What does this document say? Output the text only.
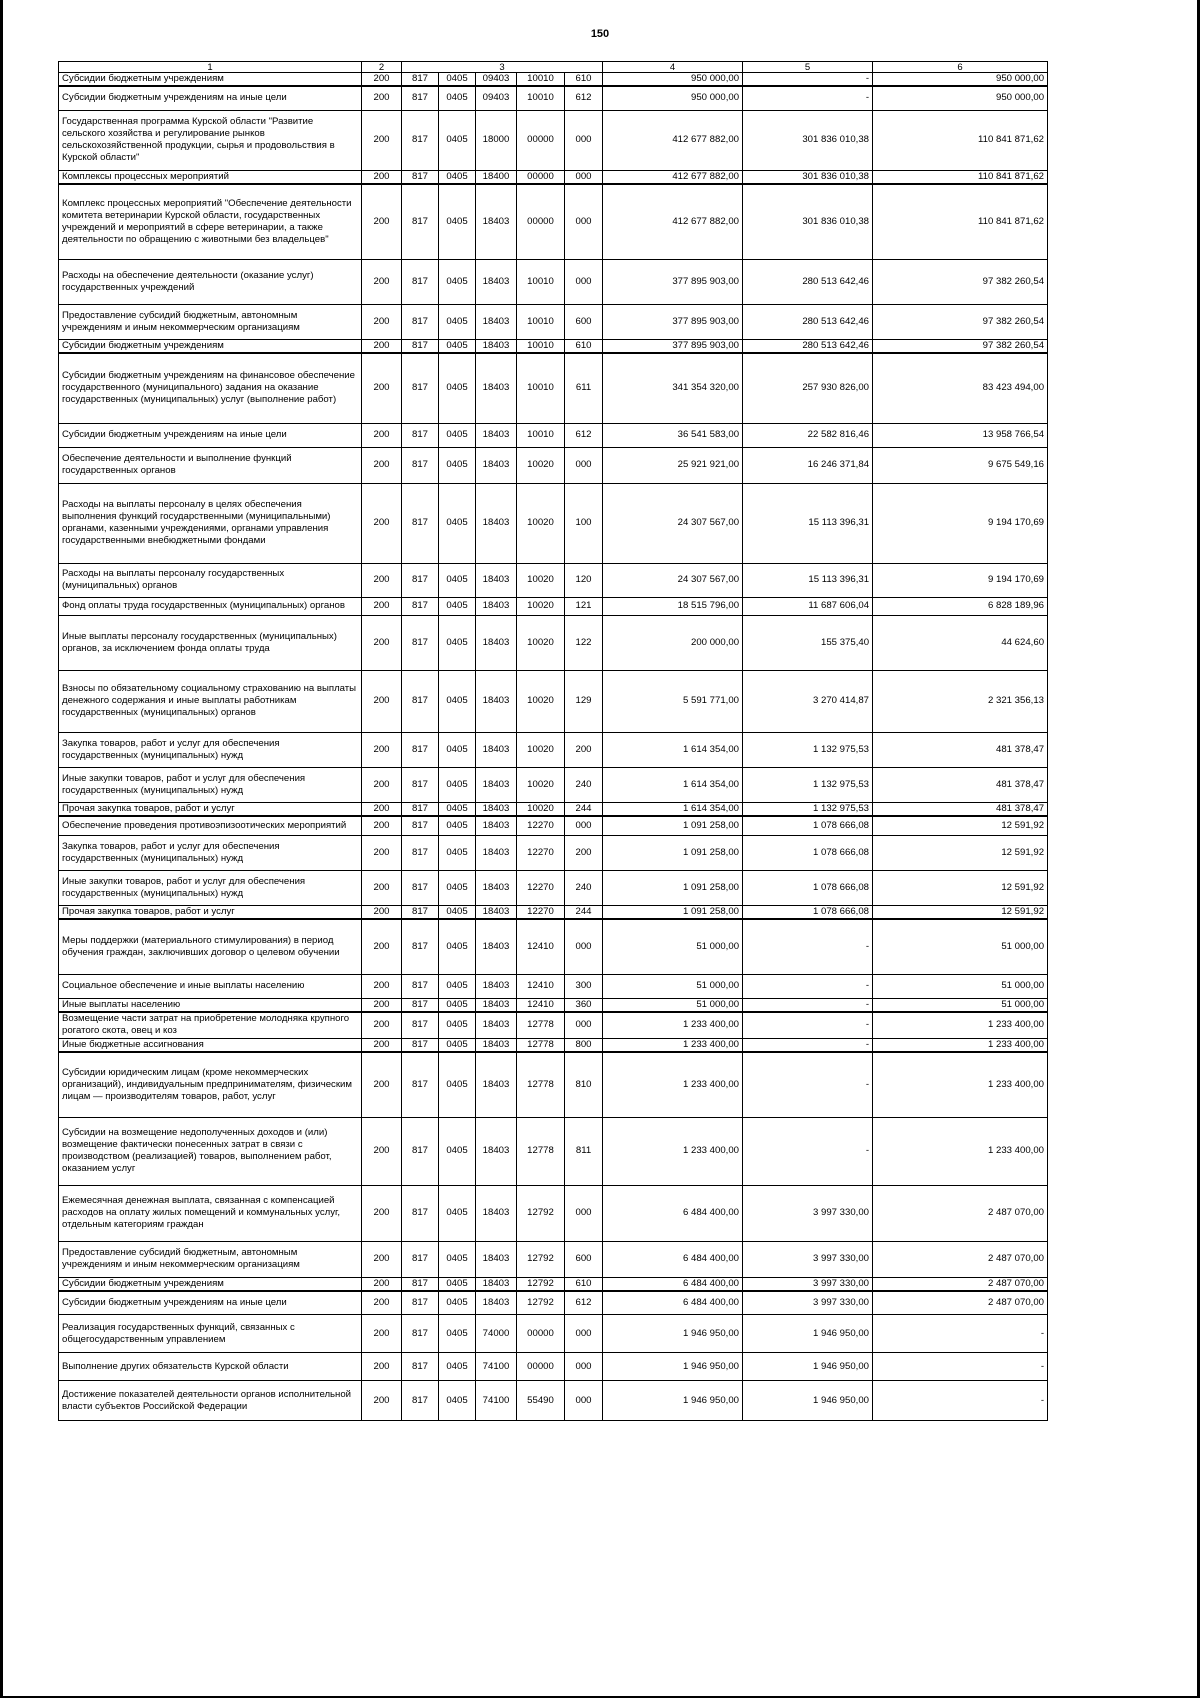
150
1	2	3					4	5	6
Субсидии бюджетным учреждениям	200	817	0405	09403	10010	610	950 000,00	-	950 000,00
Субсидии бюджетным учреждениям на иные цели	200	817	0405	09403	10010	612	950 000,00	-	950 000,00
Государственная программа Курской области "Развитие сельского хозяйства и регулирование рынков сельскохозяйственной продукции, сырья и продовольствия в Курской области"	200	817	0405	18000	00000	000	412 677 882,00	301 836 010,38	110 841 871,62
Комплексы процессных мероприятий	200	817	0405	18400	00000	000	412 677 882,00	301 836 010,38	110 841 871,62
Комплекс процессных мероприятий "Обеспечение деятельности комитета ветеринарии Курской области, государственных учреждений и мероприятий в сфере ветеринарии, а также деятельности по обращению с животными без владельцев"	200	817	0405	18403	00000	000	412 677 882,00	301 836 010,38	110 841 871,62
Расходы на обеспечение деятельности (оказание услуг) государственных учреждений	200	817	0405	18403	10010	000	377 895 903,00	280 513 642,46	97 382 260,54
Предоставление субсидий бюджетным, автономным учреждениям и иным некоммерческим организациям	200	817	0405	18403	10010	600	377 895 903,00	280 513 642,46	97 382 260,54
Субсидии бюджетным учреждениям	200	817	0405	18403	10010	610	377 895 903,00	280 513 642,46	97 382 260,54
Субсидии бюджетным учреждениям на финансовое обеспечение государственного (муниципального) задания на оказание государственных (муниципальных) услуг (выполнение работ)	200	817	0405	18403	10010	611	341 354 320,00	257 930 826,00	83 423 494,00
Субсидии бюджетным учреждениям на иные цели	200	817	0405	18403	10010	612	36 541 583,00	22 582 816,46	13 958 766,54
Обеспечение деятельности и выполнение функций государственных органов	200	817	0405	18403	10020	000	25 921 921,00	16 246 371,84	9 675 549,16
Расходы на выплаты персоналу в целях обеспечения выполнения функций государственными (муниципальными) органами, казенными учреждениями, органами управления государственными внебюджетными фондами	200	817	0405	18403	10020	100	24 307 567,00	15 113 396,31	9 194 170,69
Расходы на выплаты персоналу государственных (муниципальных) органов	200	817	0405	18403	10020	120	24 307 567,00	15 113 396,31	9 194 170,69
Фонд оплаты труда государственных (муниципальных) органов	200	817	0405	18403	10020	121	18 515 796,00	11 687 606,04	6 828 189,96
Иные выплаты персоналу государственных (муниципальных) органов, за исключением фонда оплаты труда	200	817	0405	18403	10020	122	200 000,00	155 375,40	44 624,60
Взносы по обязательному социальному страхованию на выплаты денежного содержания и иные выплаты работникам государственных (муниципальных) органов	200	817	0405	18403	10020	129	5 591 771,00	3 270 414,87	2 321 356,13
Закупка товаров, работ и услуг для обеспечения государственных (муниципальных) нужд	200	817	0405	18403	10020	200	1 614 354,00	1 132 975,53	481 378,47
Иные закупки товаров, работ и услуг для обеспечения государственных (муниципальных) нужд	200	817	0405	18403	10020	240	1 614 354,00	1 132 975,53	481 378,47
Прочая закупка товаров, работ и услуг	200	817	0405	18403	10020	244	1 614 354,00	1 132 975,53	481 378,47
Обеспечение проведения противоэпизоотических мероприятий	200	817	0405	18403	12270	000	1 091 258,00	1 078 666,08	12 591,92
Закупка товаров, работ и услуг для обеспечения государственных (муниципальных) нужд	200	817	0405	18403	12270	200	1 091 258,00	1 078 666,08	12 591,92
Иные закупки товаров, работ и услуг для обеспечения государственных (муниципальных) нужд	200	817	0405	18403	12270	240	1 091 258,00	1 078 666,08	12 591,92
Прочая закупка товаров, работ и услуг	200	817	0405	18403	12270	244	1 091 258,00	1 078 666,08	12 591,92
Меры поддержки (материального стимулирования) в период обучения граждан, заключивших договор о целевом обучении	200	817	0405	18403	12410	000	51 000,00	-	51 000,00
Социальное обеспечение и иные выплаты населению	200	817	0405	18403	12410	300	51 000,00	-	51 000,00
Иные выплаты населению	200	817	0405	18403	12410	360	51 000,00	-	51 000,00
Возмещение части затрат на приобретение молодняка крупного рогатого скота, овец и коз	200	817	0405	18403	12778	000	1 233 400,00	-	1 233 400,00
Иные бюджетные ассигнования	200	817	0405	18403	12778	800	1 233 400,00	-	1 233 400,00
Субсидии юридическим лицам (кроме некоммерческих организаций), индивидуальным предпринимателям, физическим лицам — производителям товаров, работ, услуг	200	817	0405	18403	12778	810	1 233 400,00	-	1 233 400,00
Субсидии на возмещение недополученных доходов и (или) возмещение фактически понесенных затрат в связи с производством (реализацией) товаров, выполнением работ, оказанием услуг	200	817	0405	18403	12778	811	1 233 400,00	-	1 233 400,00
Ежемесячная денежная выплата, связанная с компенсацией расходов на оплату жилых помещений и коммунальных услуг, отдельным категориям граждан	200	817	0405	18403	12792	000	6 484 400,00	3 997 330,00	2 487 070,00
Предоставление субсидий бюджетным, автономным учреждениям и иным некоммерческим организациям	200	817	0405	18403	12792	600	6 484 400,00	3 997 330,00	2 487 070,00
Субсидии бюджетным учреждениям	200	817	0405	18403	12792	610	6 484 400,00	3 997 330,00	2 487 070,00
Субсидии бюджетным учреждениям на иные цели	200	817	0405	18403	12792	612	6 484 400,00	3 997 330,00	2 487 070,00
Реализация государственных функций, связанных с общегосударственным управлением	200	817	0405	74000	00000	000	1 946 950,00	1 946 950,00	-
Выполнение других обязательств Курской области	200	817	0405	74100	00000	000	1 946 950,00	1 946 950,00	-
Достижение показателей деятельности органов исполнительной власти субъектов Российской Федерации	200	817	0405	74100	55490	000	1 946 950,00	1 946 950,00	-
